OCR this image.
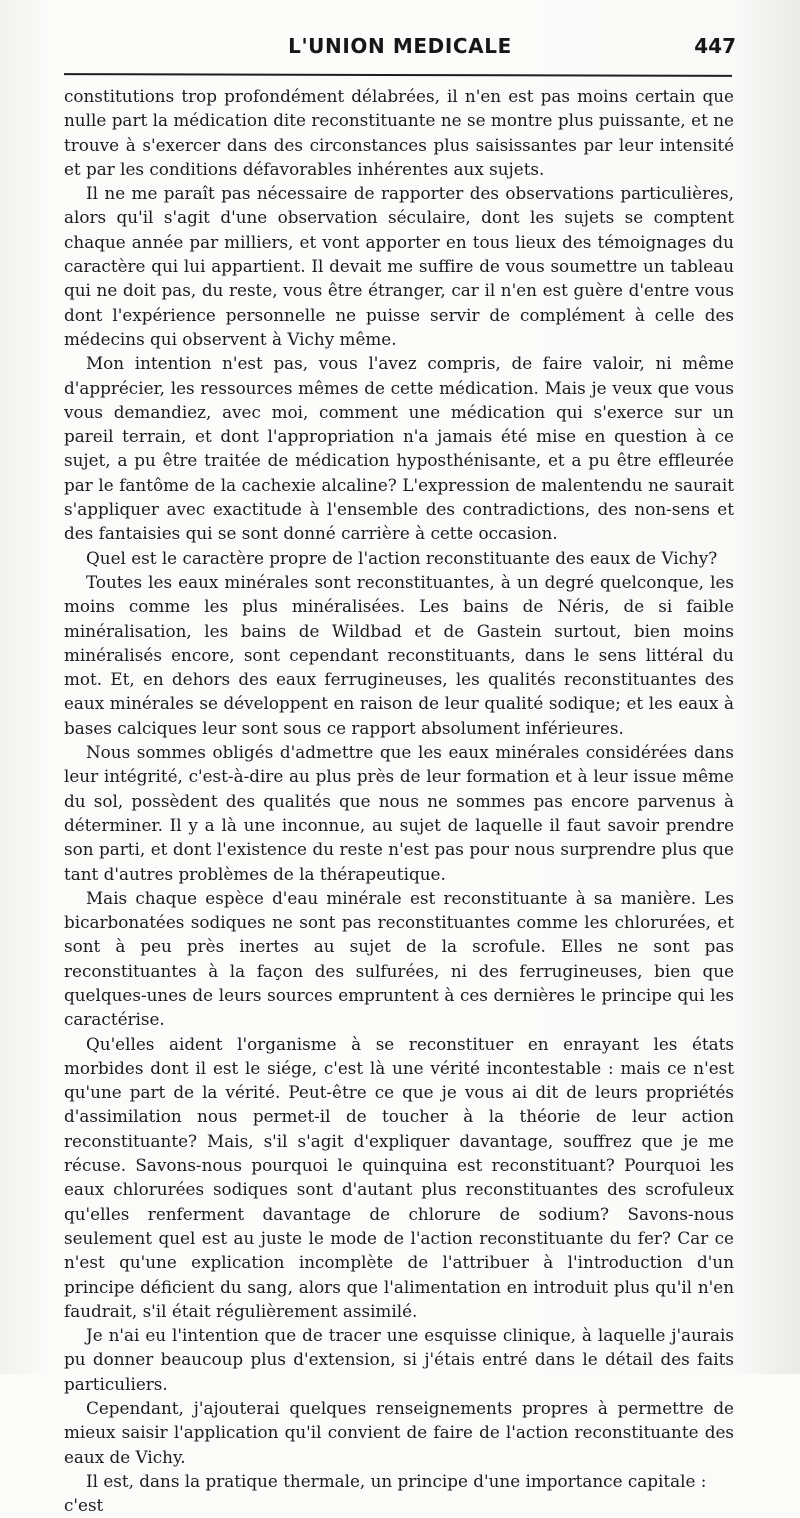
L'UNION MEDICALE	447

constitutions trop profondément délabrées, il n'en est pas moins certain que nulle part la médication dite reconstituante ne se montre plus puissante, et ne trouve à s'exercer dans des circonstances plus saisissantes par leur intensité et par les conditions défavorables inhérentes aux sujets.

Il ne me paraît pas nécessaire de rapporter des observations particulières, alors qu'il s'agit d'une observation séculaire, dont les sujets se comptent chaque année par milliers, et vont apporter en tous lieux des témoignages du caractère qui lui appartient. Il devait me suffire de vous soumettre un tableau qui ne doit pas, du reste, vous être étranger, car il n'en est guère d'entre vous dont l'expérience personnelle ne puisse servir de complément à celle des médecins qui observent à Vichy même.

Mon intention n'est pas, vous l'avez compris, de faire valoir, ni même d'apprécier, les ressources mêmes de cette médication. Mais je veux que vous vous demandiez, avec moi, comment une médication qui s'exerce sur un pareil terrain, et dont l'appropriation n'a jamais été mise en question à ce sujet, a pu être traitée de médication hyposthénisante, et a pu être effleurée par le fantôme de la cachexie alcaline? L'expression de malentendu ne saurait s'appliquer avec exactitude à l'ensemble des contradictions, des non-sens et des fantaisies qui se sont donné carrière à cette occasion.

Quel est le caractère propre de l'action reconstituante des eaux de Vichy?

Toutes les eaux minérales sont reconstituantes, à un degré quelconque, les moins comme les plus minéralisées. Les bains de Néris, de si faible minéralisation, les bains de Wildbad et de Gastein surtout, bien moins minéralisés encore, sont cependant reconstituants, dans le sens littéral du mot. Et, en dehors des eaux ferrugineuses, les qualités reconstituantes des eaux minérales se développent en raison de leur qualité sodique; et les eaux à bases calciques leur sont sous ce rapport absolument inférieures.

Nous sommes obligés d'admettre que les eaux minérales considérées dans leur intégrité, c'est-à-dire au plus près de leur formation et à leur issue même du sol, possèdent des qualités que nous ne sommes pas encore parvenus à déterminer. Il y a là une inconnue, au sujet de laquelle il faut savoir prendre son parti, et dont l'existence du reste n'est pas pour nous surprendre plus que tant d'autres problèmes de la thérapeutique.

Mais chaque espèce d'eau minérale est reconstituante à sa manière. Les bicarbonatées sodiques ne sont pas reconstituantes comme les chlorurées, et sont à peu près inertes au sujet de la scrofule. Elles ne sont pas reconstituantes à la façon des sulfurées, ni des ferrugineuses, bien que quelques-unes de leurs sources empruntent à ces dernières le principe qui les caractérise.

Qu'elles aident l'organisme à se reconstituer en enrayant les états morbides dont il est le siége, c'est là une vérité incontestable : mais ce n'est qu'une part de la vérité. Peut-être ce que je vous ai dit de leurs propriétés d'assimilation nous permet-il de toucher à la théorie de leur action reconstituante? Mais, s'il s'agit d'expliquer davantage, souffrez que je me récuse. Savons-nous pourquoi le quinquina est reconstituant? Pourquoi les eaux chlorurées sodiques sont d'autant plus reconstituantes des scrofuleux qu'elles renferment davantage de chlorure de sodium? Savons-nous seulement quel est au juste le mode de l'action reconstituante du fer? Car ce n'est qu'une explication incomplète de l'attribuer à l'introduction d'un principe déficient du sang, alors que l'alimentation en introduit plus qu'il n'en faudrait, s'il était régulièrement assimilé.

Je n'ai eu l'intention que de tracer une esquisse clinique, à laquelle j'aurais pu donner beaucoup plus d'extension, si j'étais entré dans le détail des faits particuliers.

Cependant, j'ajouterai quelques renseignements propres à permettre de mieux saisir l'application qu'il convient de faire de l'action reconstituante des eaux de Vichy.

Il est, dans la pratique thermale, un principe d'une importance capitale : c'est
